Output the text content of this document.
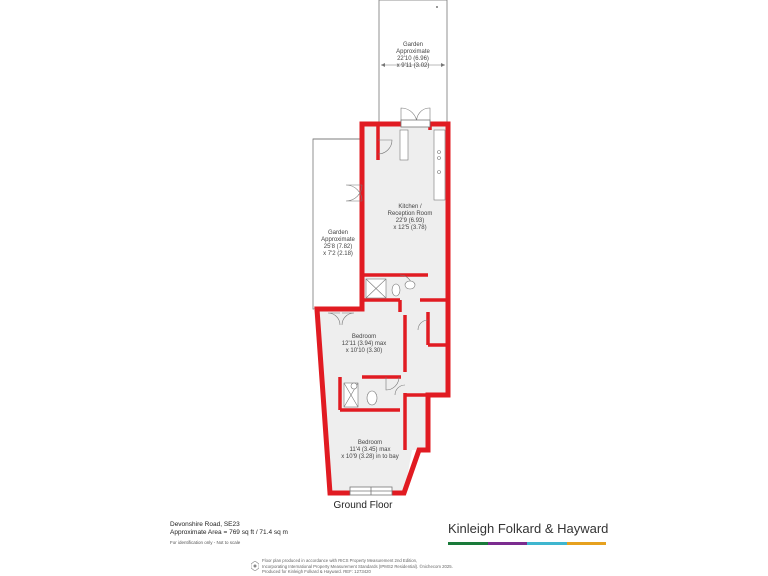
Garden
Approximate
22'10 (6.96)
x 9'11 (3.02)
Garden
Approximate
25'8 (7.82)
x 7'2 (2.18)
Kitchen /
Reception Room
22'9 (6.93)
x 12'5 (3.78)
Bedroom
12'11 (3.94) max
x 10'10 (3.30)
Bedroom
11'4 (3.45) max
x 10'9 (3.28) in to bay
Ground Floor
Devonshire Road, SE23
Approximate Area = 769 sq ft / 71.4 sq m
For identification only - Not to scale
Kinleigh Folkard & Hayward
Floor plan produced in accordance with RICS Property Measurement 2nd Edition,
Incorporating International Property Measurement Standards (IPMS2 Residential). ©nichecom 2025.
Produced for Kinleigh Folkard & Hayward. REF: 1273420
